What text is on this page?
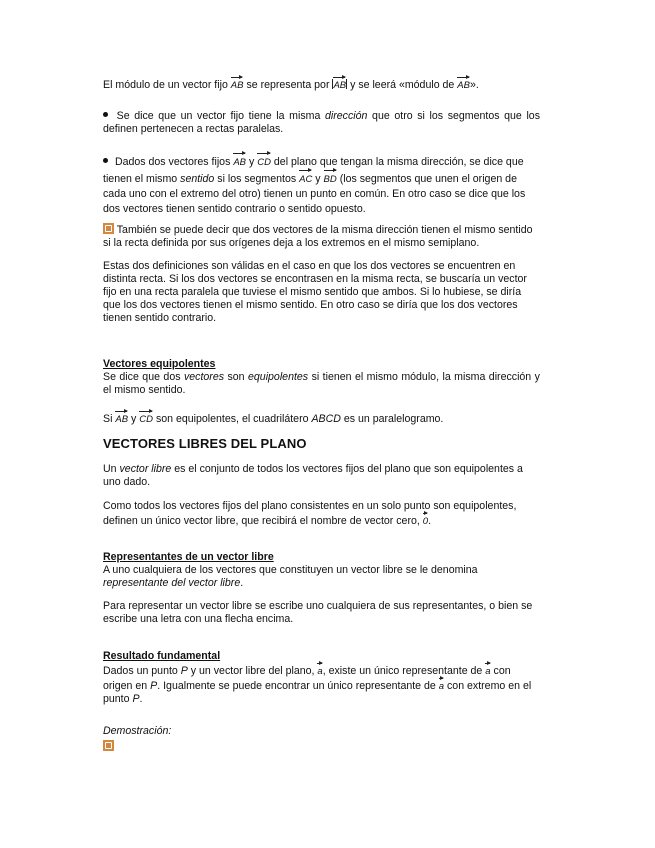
El módulo de un vector fijo AB se representa por AB y se leerá «módulo de AB».
Se dice que un vector fijo tiene la misma dirección que otro si los segmentos que los definen pertenecen a rectas paralelas.
Dados dos vectores fijos AB y CD del plano que tengan la misma dirección, se dice que tienen el mismo sentido si los segmentos AC y BD (los segmentos que unen el origen de cada uno con el extremo del otro) tienen un punto en común. En otro caso se dice que los dos vectores tienen sentido contrario o sentido opuesto.
También se puede decir que dos vectores de la misma dirección tienen el mismo sentido si la recta definida por sus orígenes deja a los extremos en el mismo semiplano.
Estas dos definiciones son válidas en el caso en que los dos vectores se encuentren en distinta recta. Si los dos vectores se encontrasen en la misma recta, se buscaría un vector fijo en una recta paralela que tuviese el mismo sentido que ambos. Si lo hubiese, se diría que los dos vectores tienen el mismo sentido. En otro caso se diría que los dos vectores tienen sentido contrario.
Vectores equipolentes
Se dice que dos vectores son equipolentes si tienen el mismo módulo, la misma dirección y el mismo sentido.
Si AB y CD son equipolentes, el cuadrilátero ABCD es un paralelogramo.
VECTORES LIBRES DEL PLANO
Un vector libre es el conjunto de todos los vectores fijos del plano que son equipolentes a uno dado.
Como todos los vectores fijos del plano consistentes en un solo punto son equipolentes, definen un único vector libre, que recibirá el nombre de vector cero, 0.
Representantes de un vector libre
A uno cualquiera de los vectores que constituyen un vector libre se le denomina representante del vector libre.
Para representar un vector libre se escribe uno cualquiera de sus representantes, o bien se escribe una letra con una flecha encima.
Resultado fundamental
Dados un punto P y un vector libre del plano, a, existe un único representante de a con origen en P. Igualmente se puede encontrar un único representante de a con extremo en el punto P.
Demostración:
